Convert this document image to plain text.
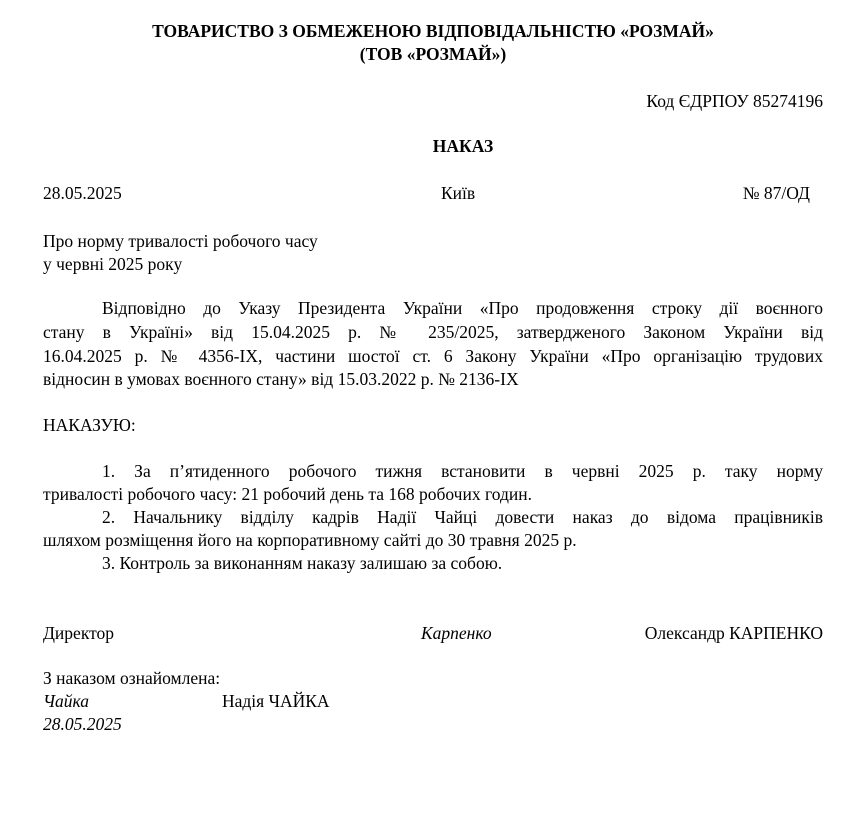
ТОВАРИСТВО З ОБМЕЖЕНОЮ ВІДПОВІДАЛЬНІСТЮ «РОЗМАЙ»
(ТОВ «РОЗМАЙ»)
Код ЄДРПОУ 85274196
НАКАЗ
28.05.2025	Київ	№ 87/ОД
Про норму тривалості робочого часу
у червні 2025 року
Відповідно до Указу Президента України «Про продовження строку дії воєнного
стану в Україні» від 15.04.2025 р. № 235/2025, затвердженого Законом України від
16.04.2025 р. № 4356-ІХ, частини шостої ст. 6 Закону України «Про організацію трудових
відносин в умовах воєнного стану» від 15.03.2022 р. № 2136-ІХ
НАКАЗУЮ:
1. За п’ятиденного робочого тижня встановити в червні 2025 р. таку норму
тривалості робочого часу: 21 робочий день та 168 робочих годин.
2. Начальнику відділу кадрів Надії Чайці довести наказ до відома працівників
шляхом розміщення його на корпоративному сайті до 30 травня 2025 р.
3. Контроль за виконанням наказу залишаю за собою.
Директор	Карпенко	Олександр КАРПЕНКО
З наказом ознайомлена:
Чайка	Надія ЧАЙКА
28.05.2025
